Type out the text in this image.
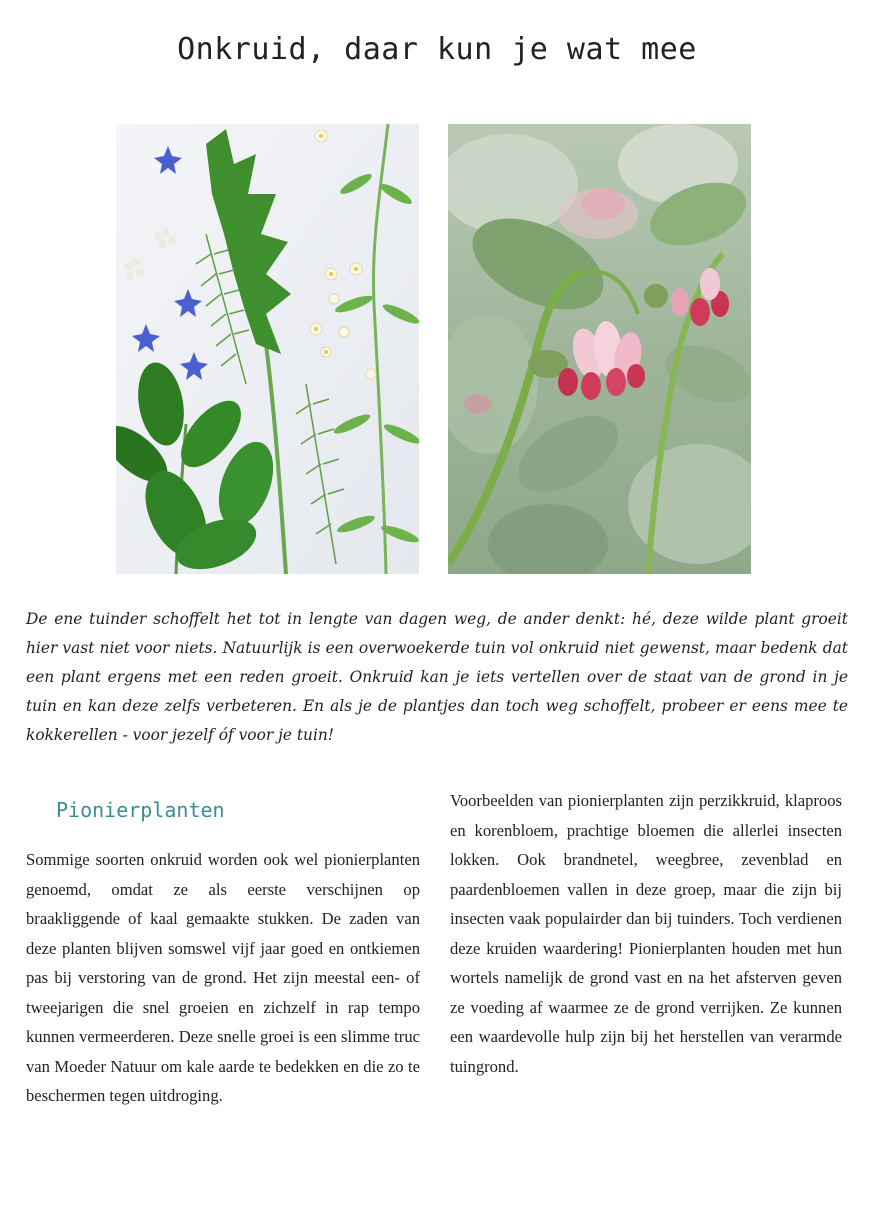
Onkruid, daar kun je wat mee

De ene tuinder schoffelt het tot in lengte van dagen weg, de ander denkt: hé, deze wilde plant groeit hier vast niet voor niets. Natuurlijk is een overwoekerde tuin vol onkruid niet gewenst, maar bedenk dat een plant ergens met een reden groeit. Onkruid kan je iets vertellen over de staat van de grond in je tuin en kan deze zelfs verbeteren. En als je de plantjes dan toch weg schoffelt, probeer er eens mee te kokkerellen - voor jezelf óf voor je tuin!

Pionierplanten

Sommige soorten onkruid worden ook wel pionierplanten genoemd, omdat ze als eerste verschijnen op braakliggende of kaal gemaakte stukken. De zaden van deze planten blijven somswel vijf jaar goed en ontkiemen pas bij verstoring van de grond. Het zijn meestal een- of tweejarigen die snel groeien en zichzelf in rap tempo kunnen vermeerderen. Deze snelle groei is een slimme truc van Moeder Natuur om kale aarde te bedekken en die zo te beschermen tegen uitdroging.

Voorbeelden van pionierplanten zijn perzikkruid, klaproos en korenbloem, prachtige bloemen die allerlei insecten lokken. Ook brandnetel, weegbree, zevenblad en paardenbloemen vallen in deze groep, maar die zijn bij insecten vaak populairder dan bij tuinders. Toch verdienen deze kruiden waardering! Pionierplanten houden met hun wortels namelijk de grond vast en na het afsterven geven ze voeding af waarmee ze de grond verrijken. Ze kunnen een waardevolle hulp zijn bij het herstellen van verarmde tuingrond.
